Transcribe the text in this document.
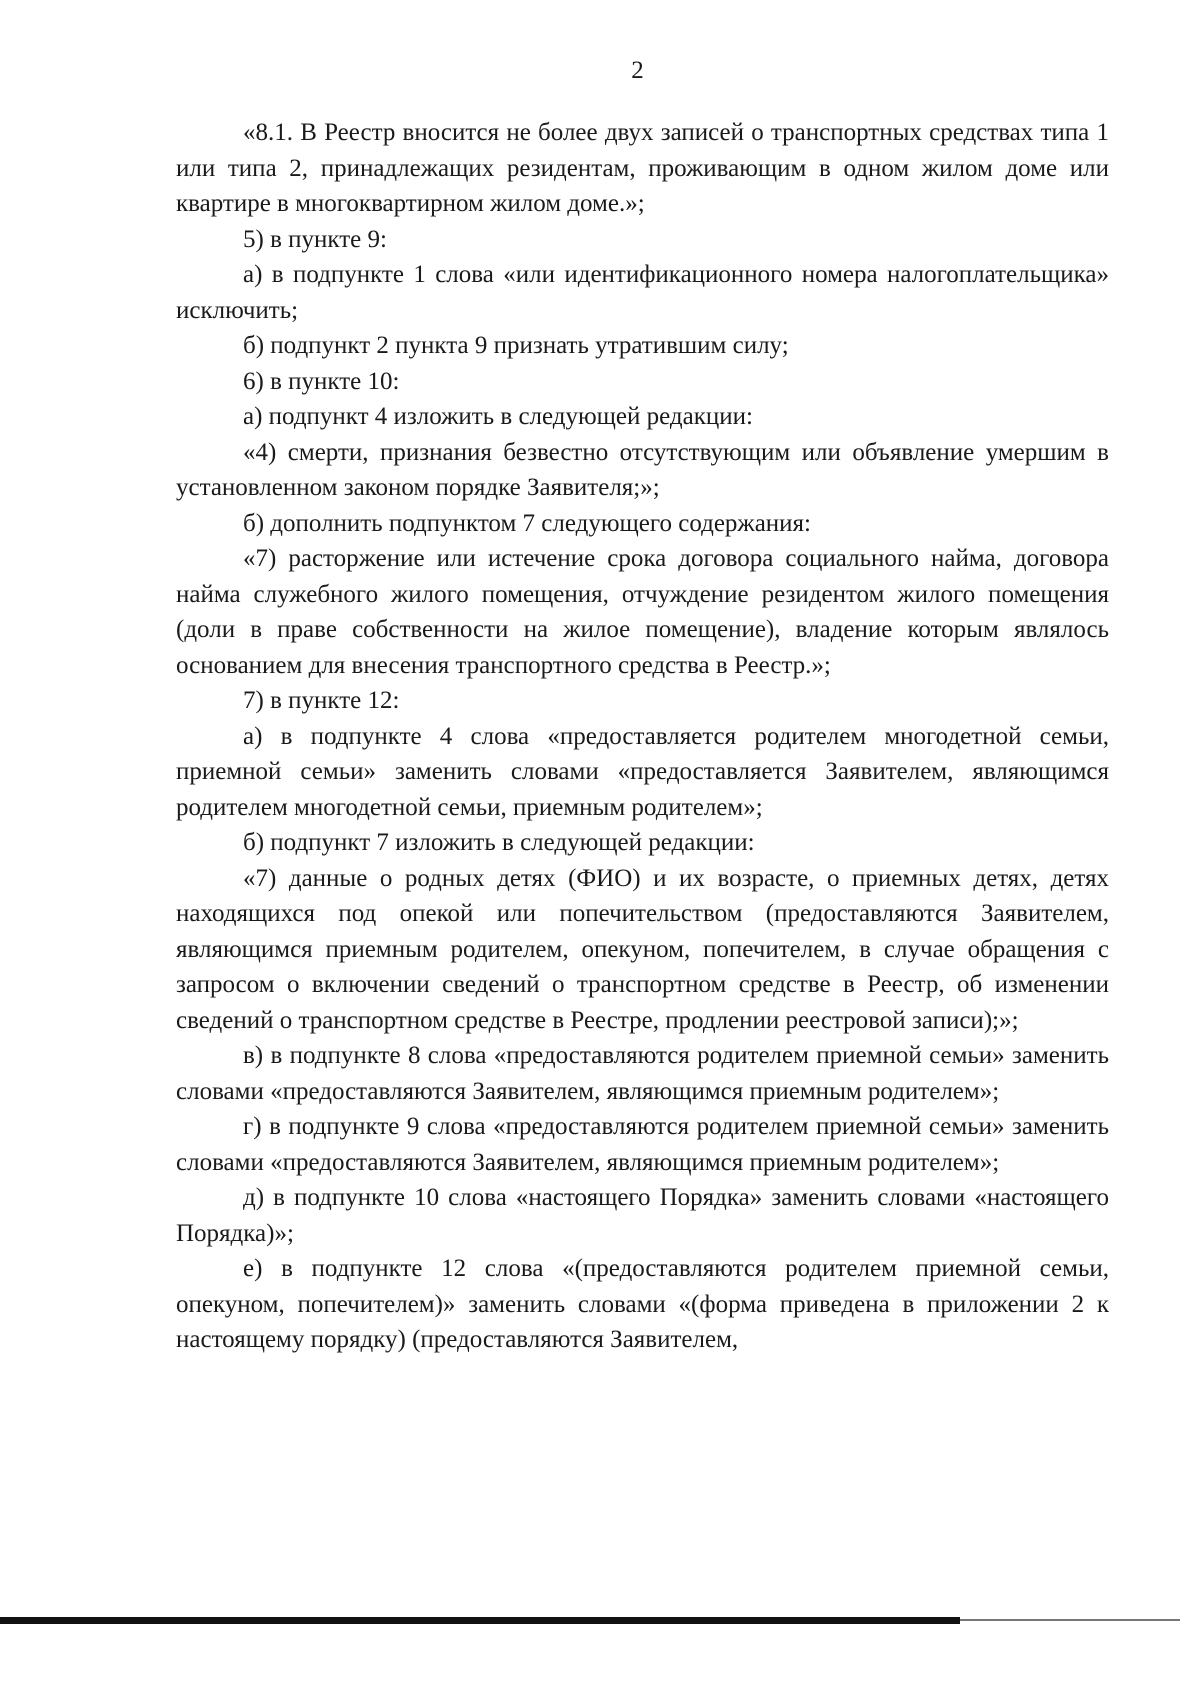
2

«8.1. В Реестр вносится не более двух записей о транспортных средствах типа 1 или типа 2, принадлежащих резидентам, проживающим в одном жилом доме или квартире в многоквартирном жилом доме.»;

5) в пункте 9:

а) в подпункте 1 слова «или идентификационного номера налогоплательщика» исключить;

б) подпункт 2 пункта 9 признать утратившим силу;

6) в пункте 10:

а) подпункт 4 изложить в следующей редакции:

«4) смерти, признания безвестно отсутствующим или объявление умершим в установленном законом порядке Заявителя;»;

б) дополнить подпунктом 7 следующего содержания:

«7) расторжение или истечение срока договора социального найма, договора найма служебного жилого помещения, отчуждение резидентом жилого помещения (доли в праве собственности на жилое помещение), владение которым являлось основанием для внесения транспортного средства в Реестр.»;

7) в пункте 12:

а) в подпункте 4 слова «предоставляется родителем многодетной семьи, приемной семьи» заменить словами «предоставляется Заявителем, являющимся родителем многодетной семьи, приемным родителем»;

б) подпункт 7 изложить в следующей редакции:

«7) данные о родных детях (ФИО) и их возрасте, о приемных детях, детях находящихся под опекой или попечительством (предоставляются Заявителем, являющимся приемным родителем, опекуном, попечителем, в случае обращения с запросом о включении сведений о транспортном средстве в Реестр, об изменении сведений о транспортном средстве в Реестре, продлении реестровой записи);»;

в) в подпункте 8 слова «предоставляются родителем приемной семьи» заменить словами «предоставляются Заявителем, являющимся приемным родителем»;

г) в подпункте 9 слова «предоставляются родителем приемной семьи» заменить словами «предоставляются Заявителем, являющимся приемным родителем»;

д) в подпункте 10 слова «настоящего Порядка» заменить словами «настоящего Порядка)»;

е) в подпункте 12 слова «(предоставляются родителем приемной семьи, опекуном, попечителем)» заменить словами «(форма приведена в приложении 2 к настоящему порядку) (предоставляются Заявителем,
